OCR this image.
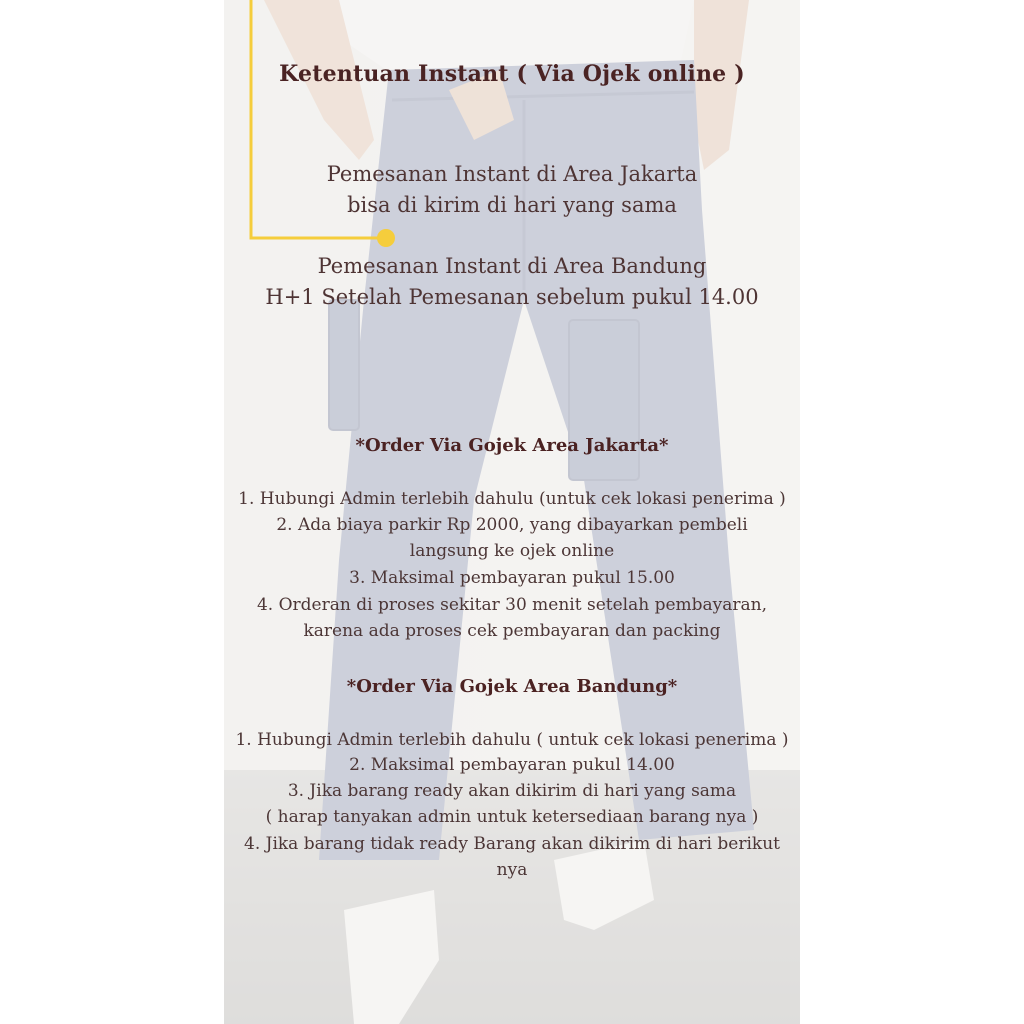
Ketentuan Instant ( Via Ojek online )
Pemesanan Instant di Area Jakarta
bisa di kirim di hari yang sama
Pemesanan Instant di Area Bandung
H+1 Setelah Pemesanan sebelum pukul 14.00
*Order Via Gojek Area Jakarta*
1. Hubungi Admin terlebih dahulu (untuk cek lokasi penerima )
2. Ada biaya parkir Rp 2000, yang dibayarkan pembeli
langsung ke ojek online
3. Maksimal pembayaran pukul 15.00
4. Orderan di proses sekitar 30 menit setelah pembayaran,
karena ada proses cek pembayaran dan packing
*Order Via Gojek Area Bandung*
1. Hubungi Admin terlebih dahulu ( untuk cek lokasi penerima )
2. Maksimal pembayaran pukul 14.00
3. Jika barang ready akan dikirim di hari yang sama
( harap tanyakan admin untuk ketersediaan barang nya )
4. Jika barang tidak ready Barang akan dikirim di hari berikut
nya
